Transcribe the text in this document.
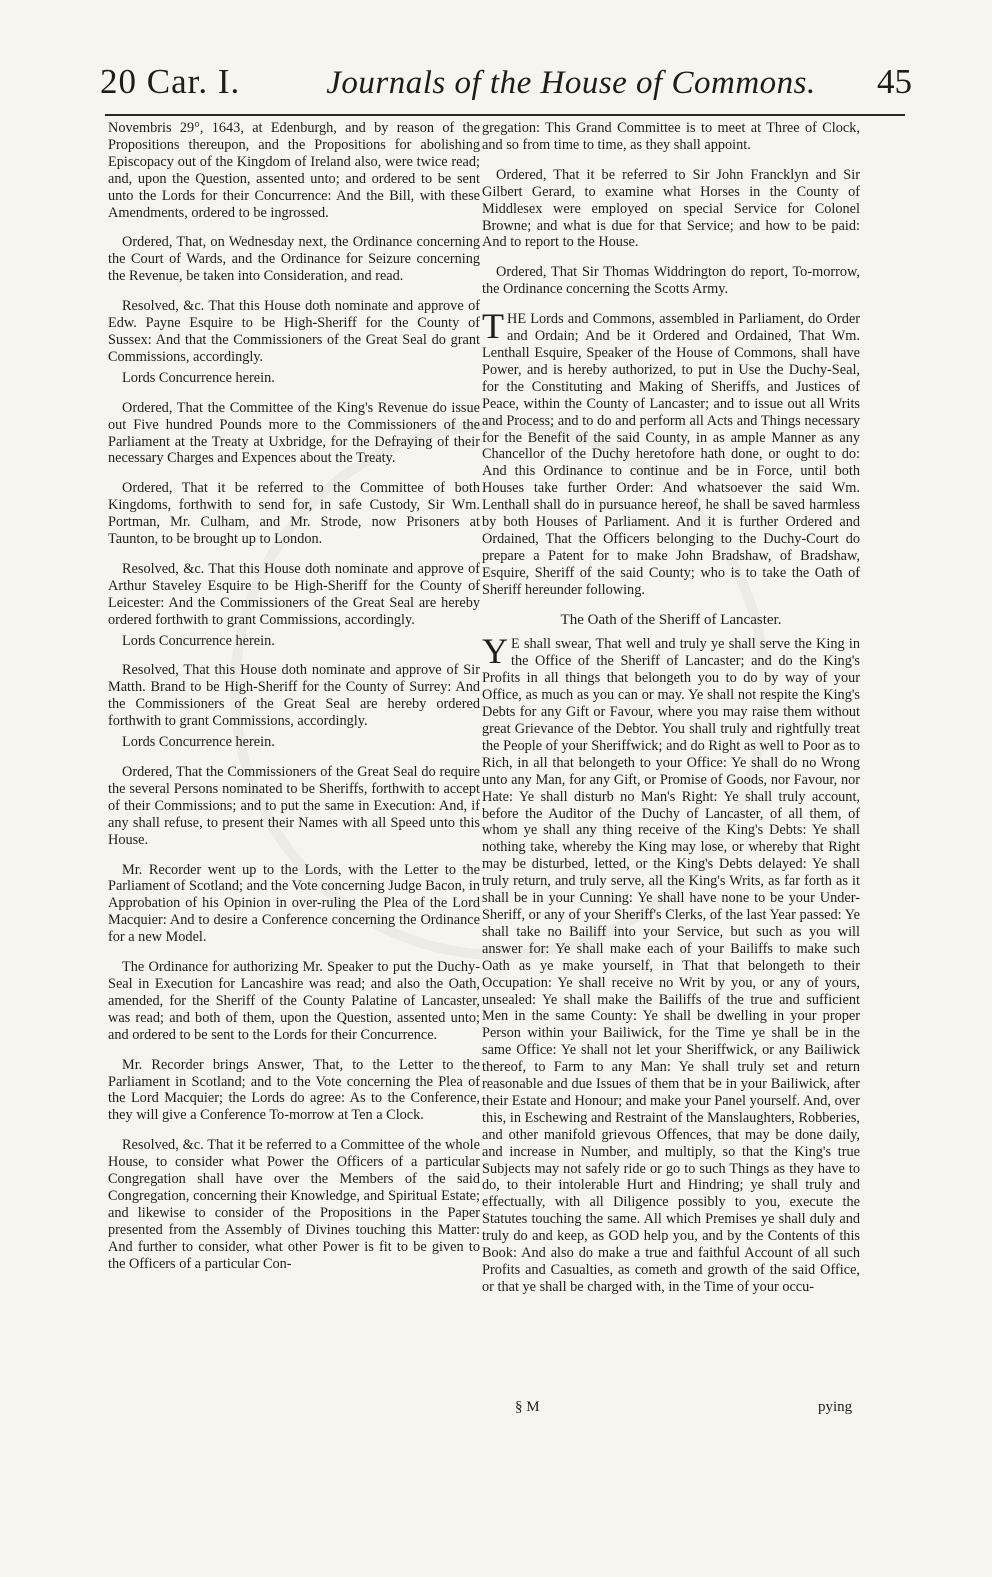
20 Car. I.	Journals of the House of Commons.	45

Novembris 29°, 1643, at Edenburgh, and by reason of the Propositions thereupon, and the Propositions for abolishing Episcopacy out of the Kingdom of Ireland also, were twice read; and, upon the Question, assented unto; and ordered to be sent unto the Lords for their Concurrence: And the Bill, with these Amendments, ordered to be ingrossed.

Ordered, That, on Wednesday next, the Ordinance concerning the Court of Wards, and the Ordinance for Seizure concerning the Revenue, be taken into Consideration, and read.

Resolved, &c. That this House doth nominate and approve of Edw. Payne Esquire to be High-Sheriff for the County of Sussex: And that the Commissioners of the Great Seal do grant Commissions, accordingly.

Lords Concurrence herein.

Ordered, That the Committee of the King's Revenue do issue out Five hundred Pounds more to the Commissioners of the Parliament at the Treaty at Uxbridge, for the Defraying of their necessary Charges and Expences about the Treaty.

Ordered, That it be referred to the Committee of both Kingdoms, forthwith to send for, in safe Custody, Sir Wm. Portman, Mr. Culham, and Mr. Strode, now Prisoners at Taunton, to be brought up to London.

Resolved, &c. That this House doth nominate and approve of Arthur Staveley Esquire to be High-Sheriff for the County of Leicester: And the Commissioners of the Great Seal are hereby ordered forthwith to grant Commissions, accordingly.

Lords Concurrence herein.

Resolved, That this House doth nominate and approve of Sir Matth. Brand to be High-Sheriff for the County of Surrey: And the Commissioners of the Great Seal are hereby ordered forthwith to grant Commissions, accordingly.

Lords Concurrence herein.

Ordered, That the Commissioners of the Great Seal do require the several Persons nominated to be Sheriffs, forthwith to accept of their Commissions; and to put the same in Execution: And, if any shall refuse, to present their Names with all Speed unto this House.

Mr. Recorder went up to the Lords, with the Letter to the Parliament of Scotland; and the Vote concerning Judge Bacon, in Approbation of his Opinion in over-ruling the Plea of the Lord Macquier: And to desire a Conference concerning the Ordinance for a new Model.

The Ordinance for authorizing Mr. Speaker to put the Duchy-Seal in Execution for Lancashire was read; and also the Oath, amended, for the Sheriff of the County Palatine of Lancaster, was read; and both of them, upon the Question, assented unto; and ordered to be sent to the Lords for their Concurrence.

Mr. Recorder brings Answer, That, to the Letter to the Parliament in Scotland; and to the Vote concerning the Plea of the Lord Macquier; the Lords do agree: As to the Conference, they will give a Conference To-morrow at Ten a Clock.

Resolved, &c. That it be referred to a Committee of the whole House, to consider what Power the Officers of a particular Congregation shall have over the Members of the said Congregation, concerning their Knowledge, and Spiritual Estate; and likewise to consider of the Propositions in the Paper presented from the Assembly of Divines touching this Matter: And further to consider, what other Power is fit to be given to the Officers of a particular Con-

gregation: This Grand Committee is to meet at Three of Clock, and so from time to time, as they shall appoint.

Ordered, That it be referred to Sir John Francklyn and Sir Gilbert Gerard, to examine what Horses in the County of Middlesex were employed on special Service for Colonel Browne; and what is due for that Service; and how to be paid: And to report to the House.

Ordered, That Sir Thomas Widdrington do report, To-morrow, the Ordinance concerning the Scotts Army.

THE Lords and Commons, assembled in Parliament, do Order and Ordain; And be it Ordered and Ordained, That Wm. Lenthall Esquire, Speaker of the House of Commons, shall have Power, and is hereby authorized, to put in Use the Duchy-Seal, for the Constituting and Making of Sheriffs, and Justices of Peace, within the County of Lancaster; and to issue out all Writs and Process; and to do and perform all Acts and Things necessary for the Benefit of the said County, in as ample Manner as any Chancellor of the Duchy heretofore hath done, or ought to do: And this Ordinance to continue and be in Force, until both Houses take further Order: And whatsoever the said Wm. Lenthall shall do in pursuance hereof, he shall be saved harmless by both Houses of Parliament. And it is further Ordered and Ordained, That the Officers belonging to the Duchy-Court do prepare a Patent for to make John Bradshaw, of Bradshaw, Esquire, Sheriff of the said County; who is to take the Oath of Sheriff hereunder following.

The Oath of the Sheriff of Lancaster.

YE shall swear, That well and truly ye shall serve the King in the Office of the Sheriff of Lancaster; and do the King's Profits in all things that belongeth you to do by way of your Office, as much as you can or may. Ye shall not respite the King's Debts for any Gift or Favour, where you may raise them without great Grievance of the Debtor. You shall truly and rightfully treat the People of your Sheriffwick; and do Right as well to Poor as to Rich, in all that belongeth to your Office: Ye shall do no Wrong unto any Man, for any Gift, or Promise of Goods, nor Favour, nor Hate: Ye shall disturb no Man's Right: Ye shall truly account, before the Auditor of the Duchy of Lancaster, of all them, of whom ye shall any thing receive of the King's Debts: Ye shall nothing take, whereby the King may lose, or whereby that Right may be disturbed, letted, or the King's Debts delayed: Ye shall truly return, and truly serve, all the King's Writs, as far forth as it shall be in your Cunning: Ye shall have none to be your Under-Sheriff, or any of your Sheriff's Clerks, of the last Year passed: Ye shall take no Bailiff into your Service, but such as you will answer for: Ye shall make each of your Bailiffs to make such Oath as ye make yourself, in That that belongeth to their Occupation: Ye shall receive no Writ by you, or any of yours, unsealed: Ye shall make the Bailiffs of the true and sufficient Men in the same County: Ye shall be dwelling in your proper Person within your Bailiwick, for the Time ye shall be in the same Office: Ye shall not let your Sheriffwick, or any Bailiwick thereof, to Farm to any Man: Ye shall truly set and return reasonable and due Issues of them that be in your Bailiwick, after their Estate and Honour; and make your Panel yourself. And, over this, in Eschewing and Restraint of the Manslaughters, Robberies, and other manifold grievous Offences, that may be done daily, and increase in Number, and multiply, so that the King's true Subjects may not safely ride or go to such Things as they have to do, to their intolerable Hurt and Hindring; ye shall truly and effectually, with all Diligence possibly to you, execute the Statutes touching the same. All which Premises ye shall duly and truly do and keep, as GOD help you, and by the Contents of this Book: And also do make a true and faithful Account of all such Profits and Casualties, as cometh and growth of the said Office, or that ye shall be charged with, in the Time of your occu-

§ M	pying
